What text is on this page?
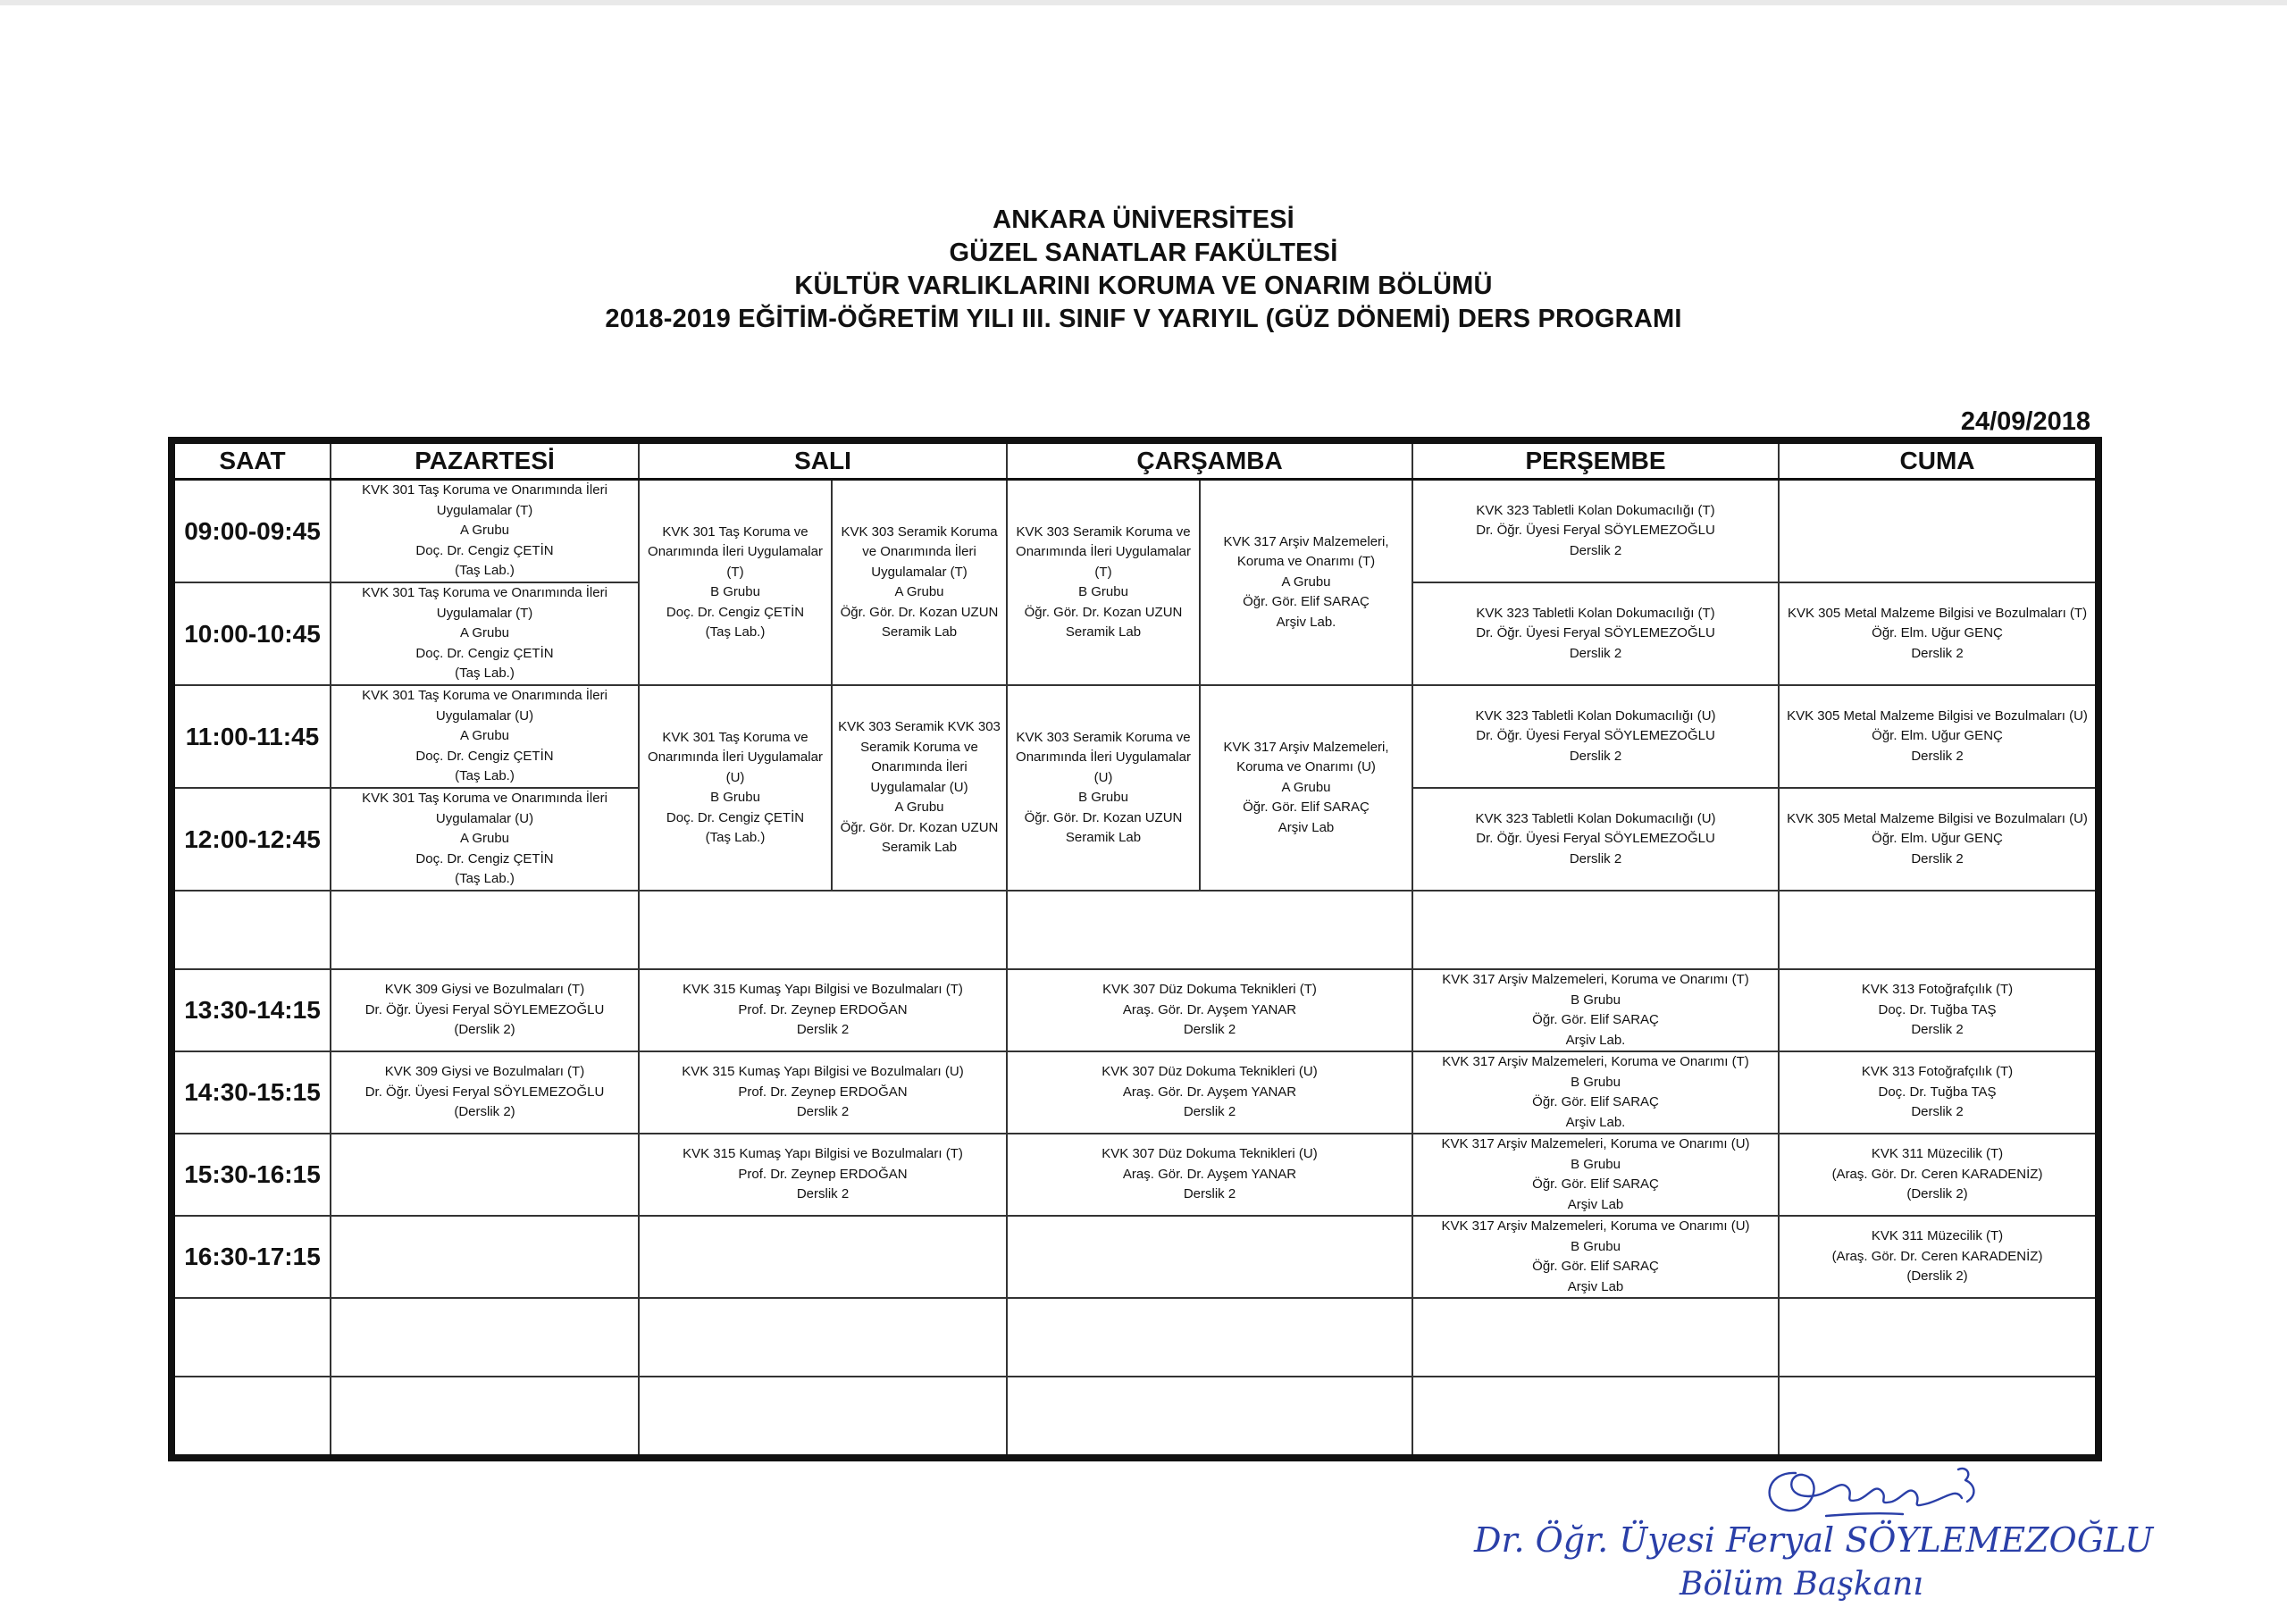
ANKARA ÜNİVERSİTESİ
GÜZEL SANATLAR FAKÜLTESİ
KÜLTÜR VARLIKLARINI KORUMA VE ONARIM BÖLÜMÜ
2018-2019 EĞİTİM-ÖĞRETİM YILI III. SINIF V YARIYIL (GÜZ DÖNEMİ) DERS PROGRAMI
24/09/2018
SAAT	PAZARTESİ	SALI		ÇARŞAMBA		PERŞEMBE	CUMA
09:00-09:45	KVK 301 Taş Koruma ve Onarımında İleri Uygulamalar (T)
A Grubu
Doç. Dr. Cengiz ÇETİN
(Taş Lab.)	KVK 301 Taş Koruma ve Onarımında İleri Uygulamalar (T)
B Grubu
Doç. Dr. Cengiz ÇETİN
(Taş Lab.)	KVK 303 Seramik Koruma ve Onarımında İleri Uygulamalar (T)
A Grubu
Öğr. Gör. Dr. Kozan UZUN
Seramik Lab	KVK 303 Seramik Koruma ve Onarımında İleri Uygulamalar (T)
B Grubu
Öğr. Gör. Dr. Kozan UZUN
Seramik Lab	KVK 317 Arşiv Malzemeleri, Koruma ve Onarımı (T)
A Grubu
Öğr. Gör. Elif SARAÇ
Arşiv Lab.	KVK 323 Tabletli Kolan Dokumacılığı (T)
Dr. Öğr. Üyesi Feryal SÖYLEMEZOĞLU
Derslik 2	

10:00-10:45	KVK 301 Taş Koruma ve Onarımında İleri Uygulamalar (T)
A Grubu
Doç. Dr. Cengiz ÇETİN
(Taş Lab.)					KVK 323 Tabletli Kolan Dokumacılığı (T)
Dr. Öğr. Üyesi Feryal SÖYLEMEZOĞLU
Derslik 2	KVK 305 Metal Malzeme Bilgisi ve Bozulmaları (T)
Öğr. Elm. Uğur GENÇ
Derslik 2

11:00-11:45	KVK 301 Taş Koruma ve Onarımında İleri Uygulamalar (U)
A Grubu
Doç. Dr. Cengiz ÇETİN
(Taş Lab.)	KVK 301 Taş Koruma ve Onarımında İleri Uygulamalar (U)
B Grubu
Doç. Dr. Cengiz ÇETİN
(Taş Lab.)	KVK 303 Seramik KVK 303 Seramik Koruma ve Onarımında İleri Uygulamalar (U)
A Grubu
Öğr. Gör. Dr. Kozan UZUN
Seramik Lab	KVK 303 Seramik Koruma ve Onarımında İleri Uygulamalar (U)
B Grubu
Öğr. Gör. Dr. Kozan UZUN
Seramik Lab	KVK 317 Arşiv Malzemeleri, Koruma ve Onarımı (U)
A Grubu
Öğr. Gör. Elif SARAÇ
Arşiv Lab	KVK 323 Tabletli Kolan Dokumacılığı (U)
Dr. Öğr. Üyesi Feryal SÖYLEMEZOĞLU
Derslik 2	KVK 305 Metal Malzeme Bilgisi ve Bozulmaları (U)
Öğr. Elm. Uğur GENÇ
Derslik 2

12:00-12:45	KVK 301 Taş Koruma ve Onarımında İleri Uygulamalar (U)
A Grubu
Doç. Dr. Cengiz ÇETİN
(Taş Lab.)					KVK 323 Tabletli Kolan Dokumacılığı (U)
Dr. Öğr. Üyesi Feryal SÖYLEMEZOĞLU
Derslik 2	KVK 305 Metal Malzeme Bilgisi ve Bozulmaları (U)
Öğr. Elm. Uğur GENÇ
Derslik 2

13:30-14:15	KVK 309 Giysi ve Bozulmaları (T)
Dr. Öğr. Üyesi Feryal SÖYLEMEZOĞLU
(Derslik 2)	KVK 315 Kumaş Yapı Bilgisi ve Bozulmaları (T)
Prof. Dr. Zeynep ERDOĞAN
Derslik 2		KVK 307 Düz Dokuma Teknikleri (T)
Araş. Gör. Dr. Ayşem YANAR
Derslik 2		KVK 317 Arşiv Malzemeleri, Koruma ve Onarımı (T)
B Grubu
Öğr. Gör. Elif SARAÇ
Arşiv Lab.	KVK 313 Fotoğrafçılık (T)
Doç. Dr. Tuğba TAŞ
Derslik 2

14:30-15:15	KVK 309 Giysi ve Bozulmaları (T)
Dr. Öğr. Üyesi Feryal SÖYLEMEZOĞLU
(Derslik 2)	KVK 315 Kumaş Yapı Bilgisi ve Bozulmaları (U)
Prof. Dr. Zeynep ERDOĞAN
Derslik 2		KVK 307 Düz Dokuma Teknikleri (U)
Araş. Gör. Dr. Ayşem YANAR
Derslik 2		KVK 317 Arşiv Malzemeleri, Koruma ve Onarımı (T)
B Grubu
Öğr. Gör. Elif SARAÇ
Arşiv Lab.	KVK 313 Fotoğrafçılık (T)
Doç. Dr. Tuğba TAŞ
Derslik 2

15:30-16:15		KVK 315 Kumaş Yapı Bilgisi ve Bozulmaları (T)
Prof. Dr. Zeynep ERDOĞAN
Derslik 2		KVK 307 Düz Dokuma Teknikleri (U)
Araş. Gör. Dr. Ayşem YANAR
Derslik 2		KVK 317 Arşiv Malzemeleri, Koruma ve Onarımı (U)
B Grubu
Öğr. Gör. Elif SARAÇ
Arşiv Lab	KVK 311 Müzecilik (T)
(Araş. Gör. Dr. Ceren KARADENİZ)
(Derslik 2)

16:30-17:15						KVK 317 Arşiv Malzemeleri, Koruma ve Onarımı (U)
B Grubu
Öğr. Gör. Elif SARAÇ
Arşiv Lab	KVK 311 Müzecilik (T)
(Araş. Gör. Dr. Ceren KARADENİZ)
(Derslik 2)

Dr. Öğr. Üyesi Feryal SÖYLEMEZOĞLU
Bölüm Başkanı
